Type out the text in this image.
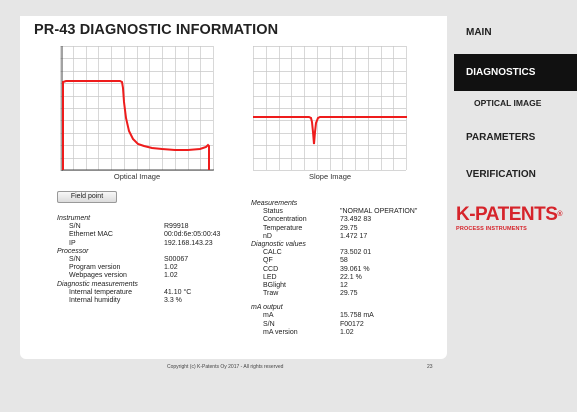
PR-43 DIAGNOSTIC INFORMATION
Optical Image	Slope Image
Field point
Instrument
S/N	R99918
Ethernet MAC	00:0d:6e:05:00:43
IP	192.168.143.23
Processor
S/N	S00067
Program version	1.02
Webpages version	1.02
Diagnostic measurements
Internal temperature	41.10 °C
Internal humidity	3.3 %
Measurements
Status	"NORMAL OPERATION"
Concentration	73.492 83
Temperature	29.75
nD	1.472 17
Diagnostic values
CALC	73.502 01
QF	58
CCD	39.061 %
LED	22.1 %
BGlight	12
Traw	29.75
mA output
mA	15.758 mA
S/N	F00172
mA version	1.02
Copyright (c) K-Patents Oy 2017 - All rights reserved	23
MAIN
DIAGNOSTICS
OPTICAL IMAGE
PARAMETERS
VERIFICATION
K-PATENTS®
PROCESS INSTRUMENTS
